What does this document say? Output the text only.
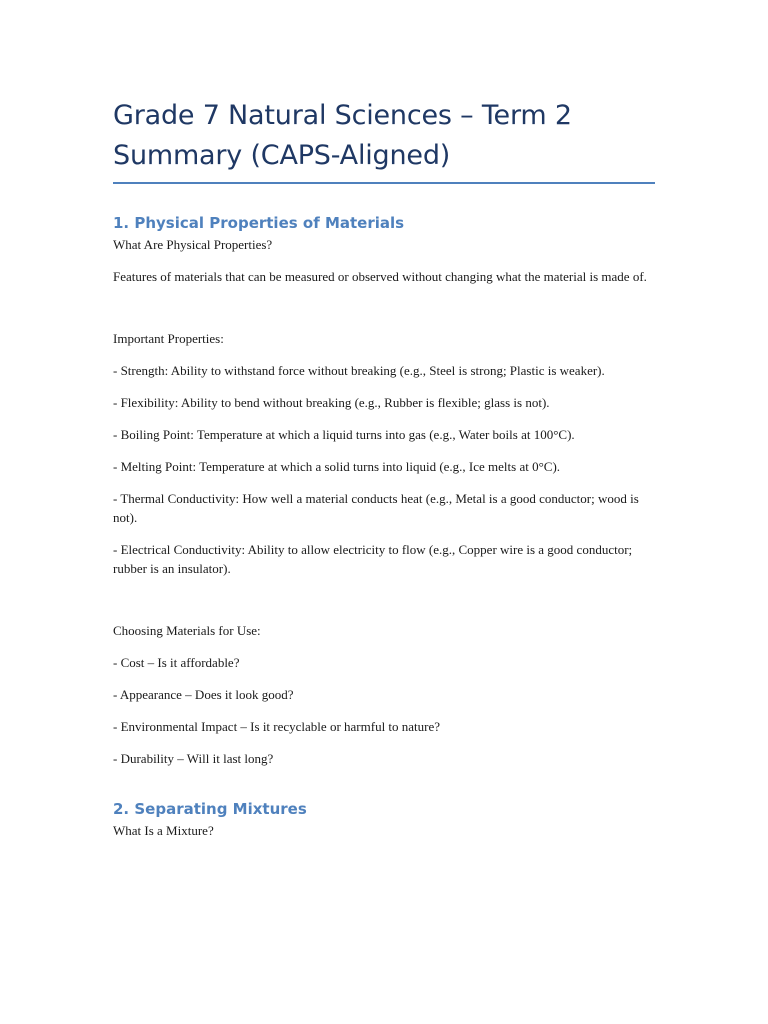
Grade 7 Natural Sciences – Term 2 Summary (CAPS-Aligned)
1. Physical Properties of Materials

What Are Physical Properties?

Features of materials that can be measured or observed without changing what the material is made of.

Important Properties:

- Strength: Ability to withstand force without breaking (e.g., Steel is strong; Plastic is weaker).

- Flexibility: Ability to bend without breaking (e.g., Rubber is flexible; glass is not).

- Boiling Point: Temperature at which a liquid turns into gas (e.g., Water boils at 100°C).

- Melting Point: Temperature at which a solid turns into liquid (e.g., Ice melts at 0°C).

- Thermal Conductivity: How well a material conducts heat (e.g., Metal is a good conductor; wood is not).

- Electrical Conductivity: Ability to allow electricity to flow (e.g., Copper wire is a good conductor; rubber is an insulator).

Choosing Materials for Use:

- Cost – Is it affordable?

- Appearance – Does it look good?

- Environmental Impact – Is it recyclable or harmful to nature?

- Durability – Will it last long?

2. Separating Mixtures

What Is a Mixture?
